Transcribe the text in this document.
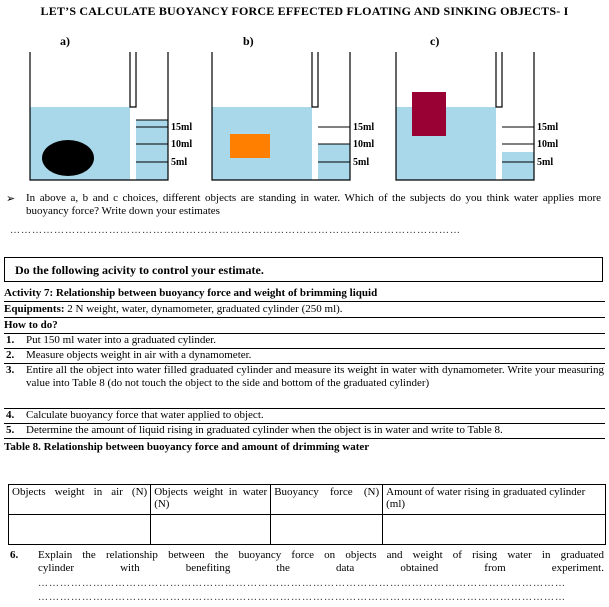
LET’S CALCULATE BUOYANCY FORCE EFFECTED FLOATING AND SINKING OBJECTS- I
a)
15ml
10ml
5ml
b)
15ml
10ml
5ml
c)
15ml
10ml
5ml
➢ In above a, b and c choices, different objects are standing in water. Which of the subjects do you think water applies more buoyancy force? Write down your estimates
……………………………………………………………………………………………………………
Do the following acivity to control your estimate.
Activity 7: Relationship between buoyancy force and weight of brimming liquid
Equipments: 2 N weight, water, dynamometer, graduated cylinder (250 ml).
How to do?
1. Put 150 ml water into a graduated cylinder.
2. Measure objects weight in air with a dynamometer.
3. Entire all the object into water filled graduated cylinder and measure its weight in water with dynamometer. Write your measuring value into Table 8 (do not touch the object to the side and bottom of the graduated cylinder)
4. Calculate buoyancy force that water applied to object.
5. Determine the amount of liquid rising in graduated cylinder when the object is in water and write to Table 8.
Table 8. Relationship between buoyancy force and amount of drimming water
Objects weight in air (N)	Objects weight in water (N)	Buoyancy force (N)	Amount of water rising in graduated cylinder (ml)

6. Explain the relationship between the buoyancy force on objects and weight of rising water in graduated
cylinder with benefiting the data obtained from experiment.
………………………………………………………………………………………………………………………………
………………………………………………………………………………………………………………………………
